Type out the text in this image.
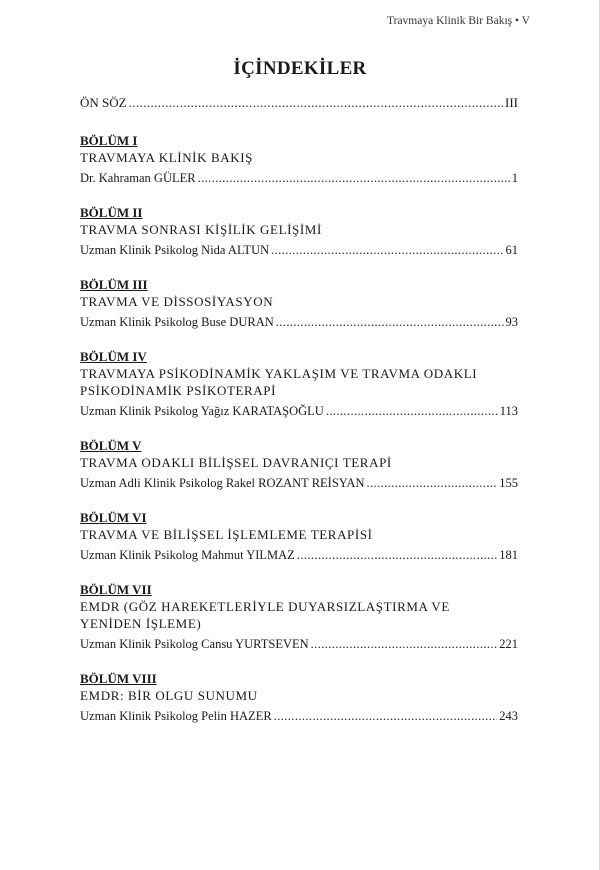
Travmaya Klinik Bir Bakış • V
İÇİNDEKİLER
ÖN SÖZ .....	III
BÖLÜM I
TRAVMAYA KLİNİK BAKIŞ
Dr. Kahraman GÜLER .....	1
BÖLÜM II
TRAVMA SONRASI KİŞİLİK GELİŞİMİ
Uzman Klinik Psikolog Nida ALTUN .....	61
BÖLÜM III
TRAVMA VE DİSSOSİYASYON
Uzman Klinik Psikolog Buse DURAN .....	93
BÖLÜM IV
TRAVMAYA PSİKODİNAMİK YAKLAŞIM VE TRAVMA ODAKLI
PSİKODİNAMİK PSİKOTERAPİ
Uzman Klinik Psikolog Yağız KARATAŞOĞLU .....	113
BÖLÜM V
TRAVMA ODAKLI BİLİŞSEL DAVRANIÇI TERAPİ
Uzman Adli Klinik Psikolog Rakel ROZANT REİSYAN .....	155
BÖLÜM VI
TRAVMA VE BİLİŞSEL İŞLEMLEME TERAPİSİ
Uzman Klinik Psikolog Mahmut YILMAZ .....	181
BÖLÜM VII
EMDR (GÖZ HAREKETLERİYLE DUYARSIZLAŞTIRMA VE
YENİDEN İŞLEME)
Uzman Klinik Psikolog Cansu YURTSEVEN .....	221
BÖLÜM VIII
EMDR: BİR OLGU SUNUMU
Uzman Klinik Psikolog Pelin HAZER .....	243
